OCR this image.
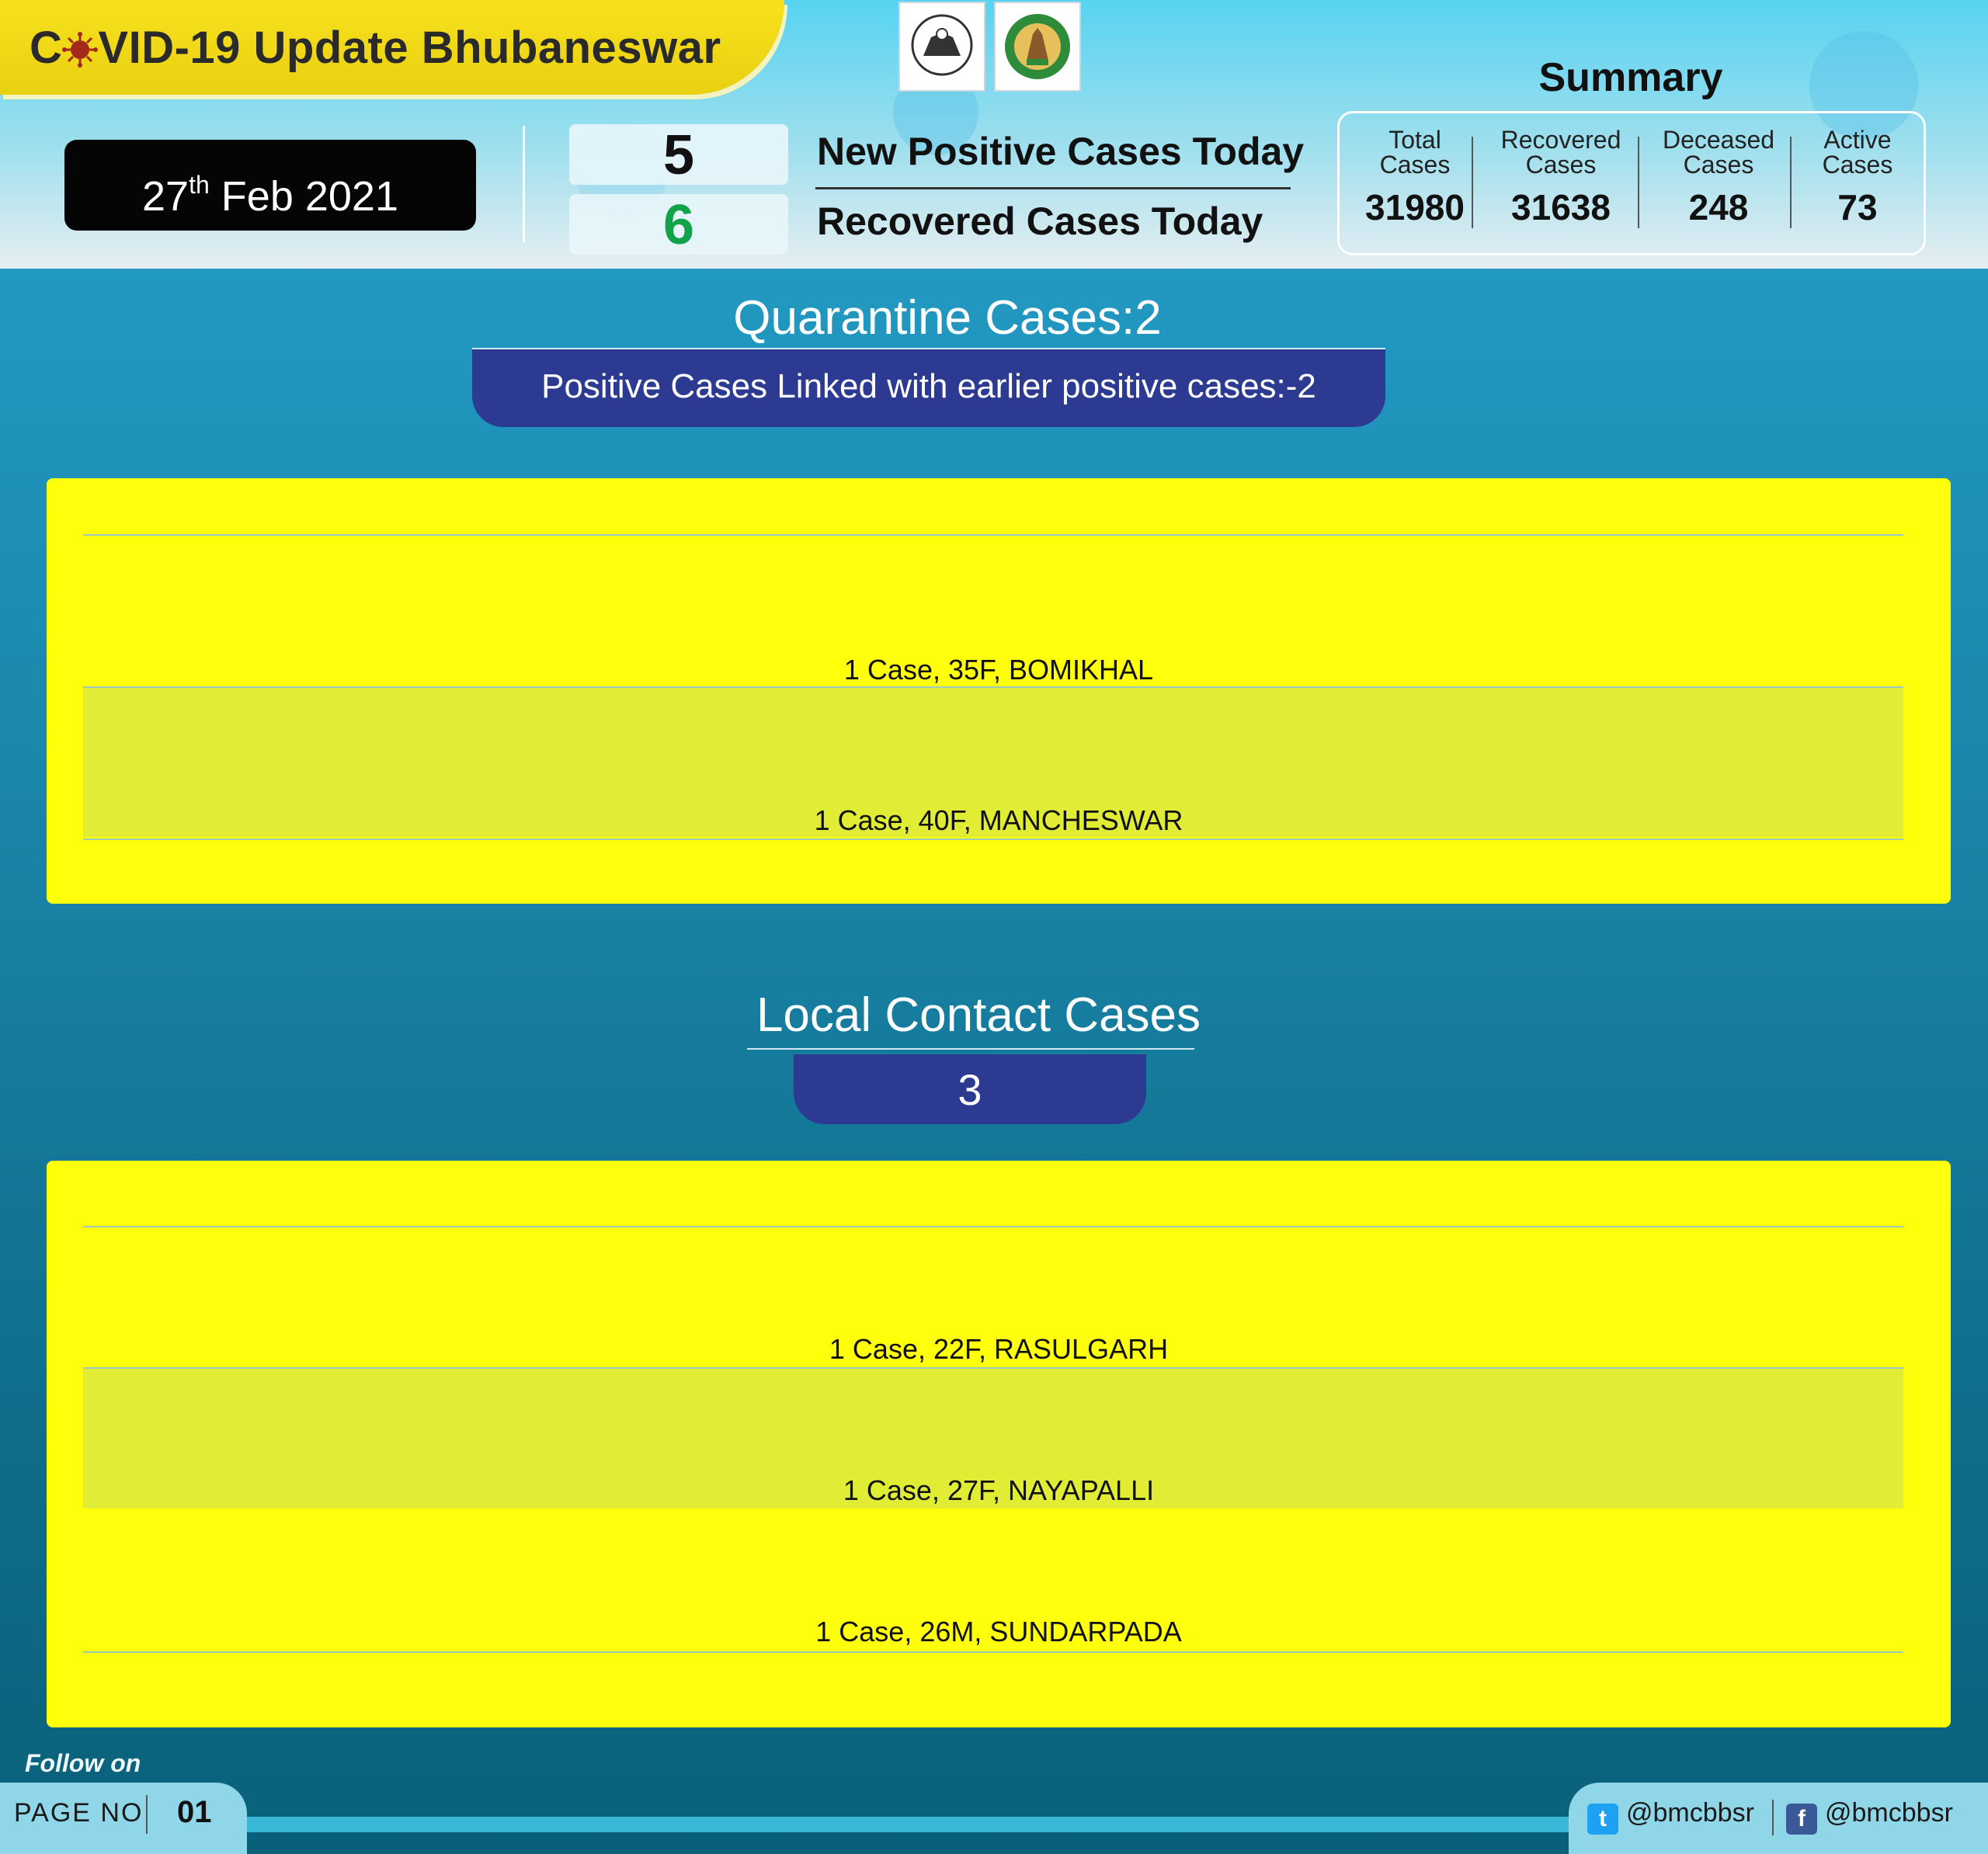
C VID-19 Update Bhubaneswar
27th Feb 2021
5	New Positive Cases Today
6	Recovered Cases Today
Summary
Total
Cases
31980
Recovered
Cases
31638
Deceased
Cases
248
Active
Cases
73
Quarantine Cases:2
Positive Cases Linked with earlier positive cases:-2
1 Case, 35F, BOMIKHAL
1 Case, 40F, MANCHESWAR
Local Contact Cases
3
1 Case, 22F, RASULGARH
1 Case, 27F, NAYAPALLI
1 Case, 26M, SUNDARPADA
Follow on
PAGE NO 01	t @bmcbbsr	f @bmcbbsr
